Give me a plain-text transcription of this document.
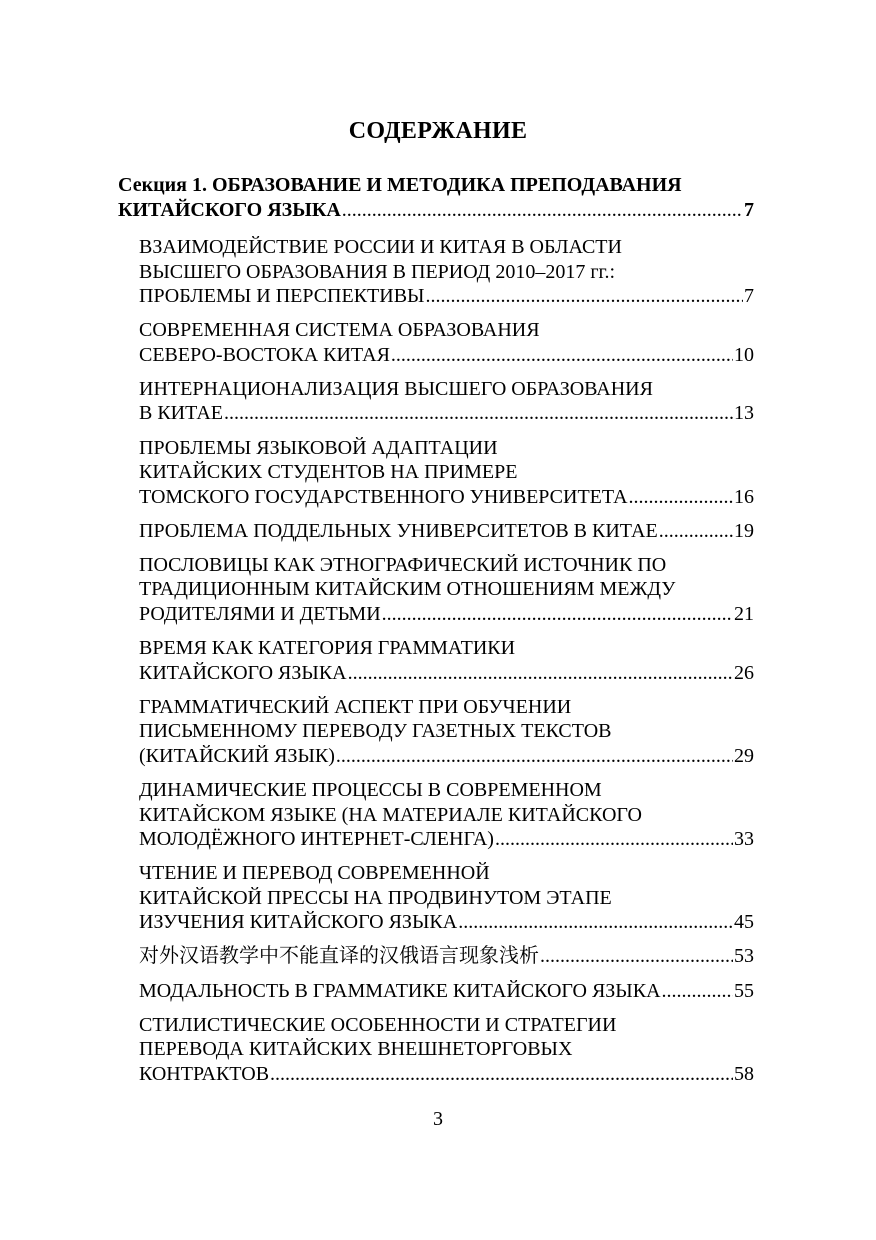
СОДЕРЖАНИЕ
Секция 1. ОБРАЗОВАНИЕ И МЕТОДИКА ПРЕПОДАВАНИЯ
КИТАЙСКОГО ЯЗЫКА .....	7
ВЗАИМОДЕЙСТВИЕ РОССИИ И КИТАЯ В ОБЛАСТИ
ВЫСШЕГО ОБРАЗОВАНИЯ В ПЕРИОД 2010–2017 гг.:
ПРОБЛЕМЫ И ПЕРСПЕКТИВЫ .....	7
СОВРЕМЕННАЯ СИСТЕМА ОБРАЗОВАНИЯ
СЕВЕРО-ВОСТОКА КИТАЯ .....	10
ИНТЕРНАЦИОНАЛИЗАЦИЯ ВЫСШЕГО ОБРАЗОВАНИЯ
В КИТАЕ .....	13
ПРОБЛЕМЫ ЯЗЫКОВОЙ АДАПТАЦИИ
КИТАЙСКИХ СТУДЕНТОВ НА ПРИМЕРЕ
ТОМСКОГО ГОСУДАРСТВЕННОГО УНИВЕРСИТЕТА .....	16
ПРОБЛЕМА ПОДДЕЛЬНЫХ УНИВЕРСИТЕТОВ В КИТАЕ .....	19
ПОСЛОВИЦЫ КАК ЭТНОГРАФИЧЕСКИЙ ИСТОЧНИК ПО
ТРАДИЦИОННЫМ КИТАЙСКИМ ОТНОШЕНИЯМ МЕЖДУ
РОДИТЕЛЯМИ И ДЕТЬМИ .....	21
ВРЕМЯ КАК КАТЕГОРИЯ ГРАММАТИКИ
КИТАЙСКОГО ЯЗЫКА .....	26
ГРАММАТИЧЕСКИЙ АСПЕКТ ПРИ ОБУЧЕНИИ
ПИСЬМЕННОМУ ПЕРЕВОДУ ГАЗЕТНЫХ ТЕКСТОВ
(КИТАЙСКИЙ ЯЗЫК) .....	29
ДИНАМИЧЕСКИЕ ПРОЦЕССЫ В СОВРЕМЕННОМ
КИТАЙСКОМ ЯЗЫКЕ (НА МАТЕРИАЛЕ КИТАЙСКОГО
МОЛОДЁЖНОГО ИНТЕРНЕТ-СЛЕНГА) .....	33
ЧТЕНИЕ И ПЕРЕВОД СОВРЕМЕННОЙ
КИТАЙСКОЙ ПРЕССЫ НА ПРОДВИНУТОМ ЭТАПЕ
ИЗУЧЕНИЯ КИТАЙСКОГО ЯЗЫКА .....	45
对外汉语教学中不能直译的汉俄语言现象浅析 .....	53
МОДАЛЬНОСТЬ В ГРАММАТИКЕ КИТАЙСКОГО ЯЗЫКА .....	55
СТИЛИСТИЧЕСКИЕ ОСОБЕННОСТИ И СТРАТЕГИИ
ПЕРЕВОДА КИТАЙСКИХ ВНЕШНЕТОРГОВЫХ
КОНТРАКТОВ .....	58
3
